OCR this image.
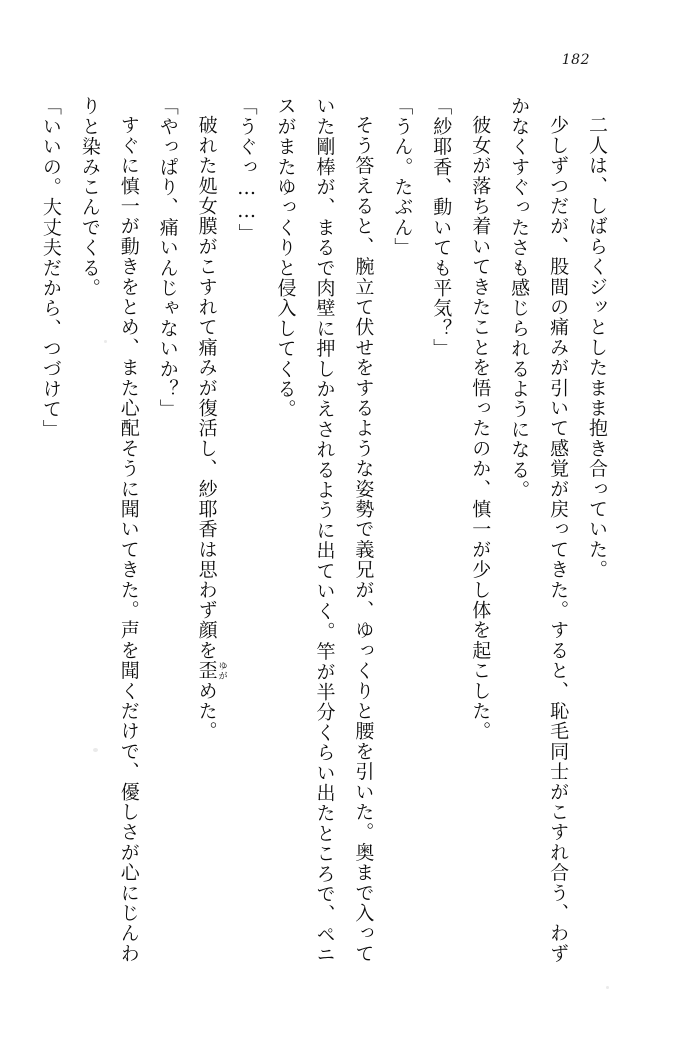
182

二人は、しばらくジッとしたまま抱き合っていた。

少しずつだが、股間の痛みが引いて感覚が戻ってきた。すると、恥毛同士がこすれ合う、わずかなくすぐったさも感じられるようになる。

彼女が落ち着いてきたことを悟ったのか、慎一が少し体を起こした。

「紗耶香、動いても平気？」

「うん。たぶん」

そう答えると、腕立て伏せをするような姿勢で義兄が、ゆっくりと腰を引いた。奥まで入っていた剛棒が、まるで肉壁に押しかえされるように出ていく。竿が半分くらい出たところで、ペニスがまたゆっくりと侵入してくる。

「うぐっ……」

破れた処女膜がこすれて痛みが復活し、紗耶香は思わず顔を歪 ゆがめた。

「やっぱり、痛いんじゃないか？」

すぐに慎一が動きをとめ、また心配そうに聞いてきた。声を聞くだけで、優しさが心にじんわりと染みこんでくる。

「いいの。大丈夫だから、つづけて」
